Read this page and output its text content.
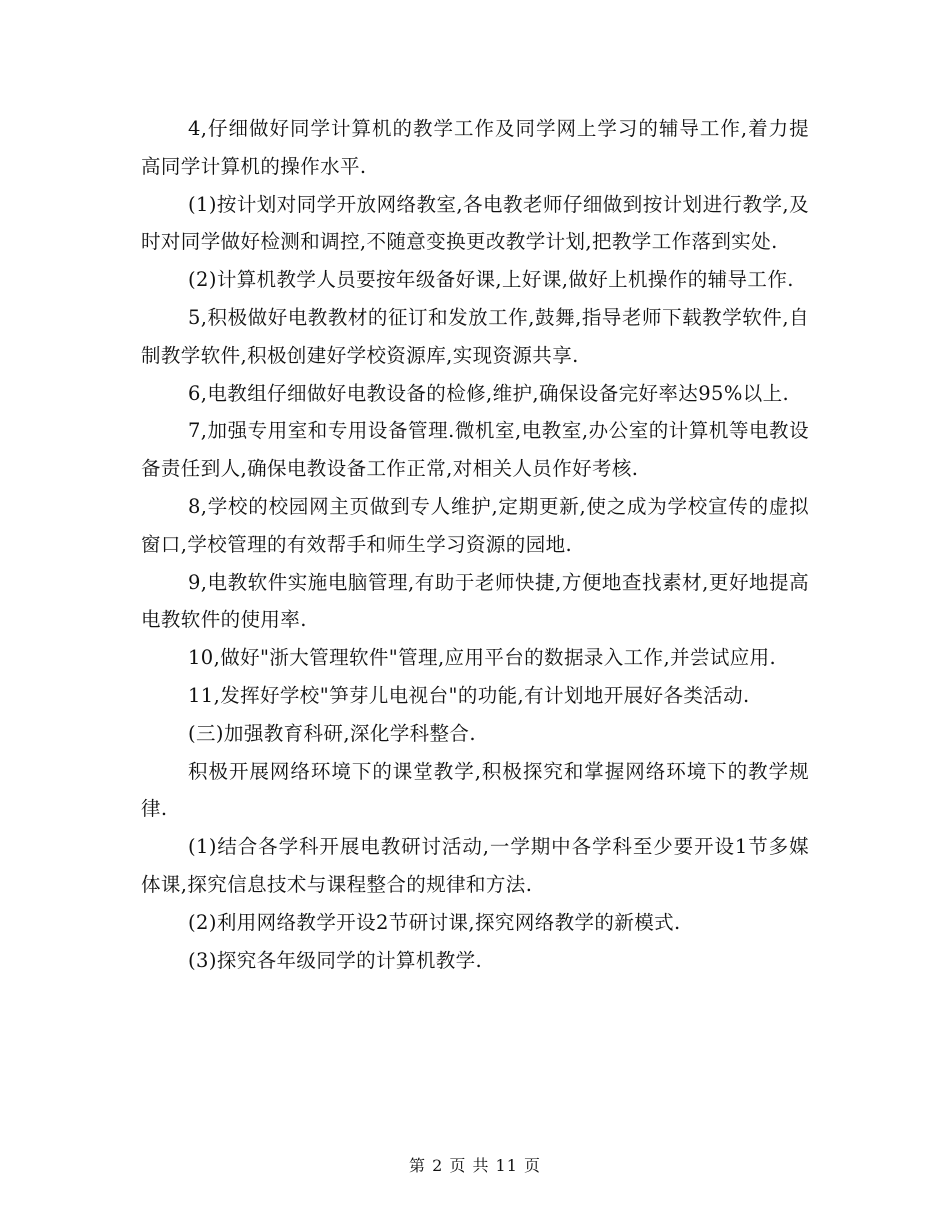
4,仔细做好同学计算机的教学工作及同学网上学习的辅导工作,着力提高同学计算机的操作水平.

(1)按计划对同学开放网络教室,各电教老师仔细做到按计划进行教学,及时对同学做好检测和调控,不随意变换更改教学计划,把教学工作落到实处.

(2)计算机教学人员要按年级备好课,上好课,做好上机操作的辅导工作.

5,积极做好电教教材的征订和发放工作,鼓舞,指导老师下载教学软件,自制教学软件,积极创建好学校资源库,实现资源共享.

6,电教组仔细做好电教设备的检修,维护,确保设备完好率达95%以上.

7,加强专用室和专用设备管理.微机室,电教室,办公室的计算机等电教设备责任到人,确保电教设备工作正常,对相关人员作好考核.

8,学校的校园网主页做到专人维护,定期更新,使之成为学校宣传的虚拟窗口,学校管理的有效帮手和师生学习资源的园地.

9,电教软件实施电脑管理,有助于老师快捷,方便地查找素材,更好地提高电教软件的使用率.

10,做好"浙大管理软件"管理,应用平台的数据录入工作,并尝试应用.

11,发挥好学校"笋芽儿电视台"的功能,有计划地开展好各类活动.

(三)加强教育科研,深化学科整合.

积极开展网络环境下的课堂教学,积极探究和掌握网络环境下的教学规律.

(1)结合各学科开展电教研讨活动,一学期中各学科至少要开设1节多媒体课,探究信息技术与课程整合的规律和方法.

(2)利用网络教学开设2节研讨课,探究网络教学的新模式.

(3)探究各年级同学的计算机教学.

第 2 页 共 11 页
